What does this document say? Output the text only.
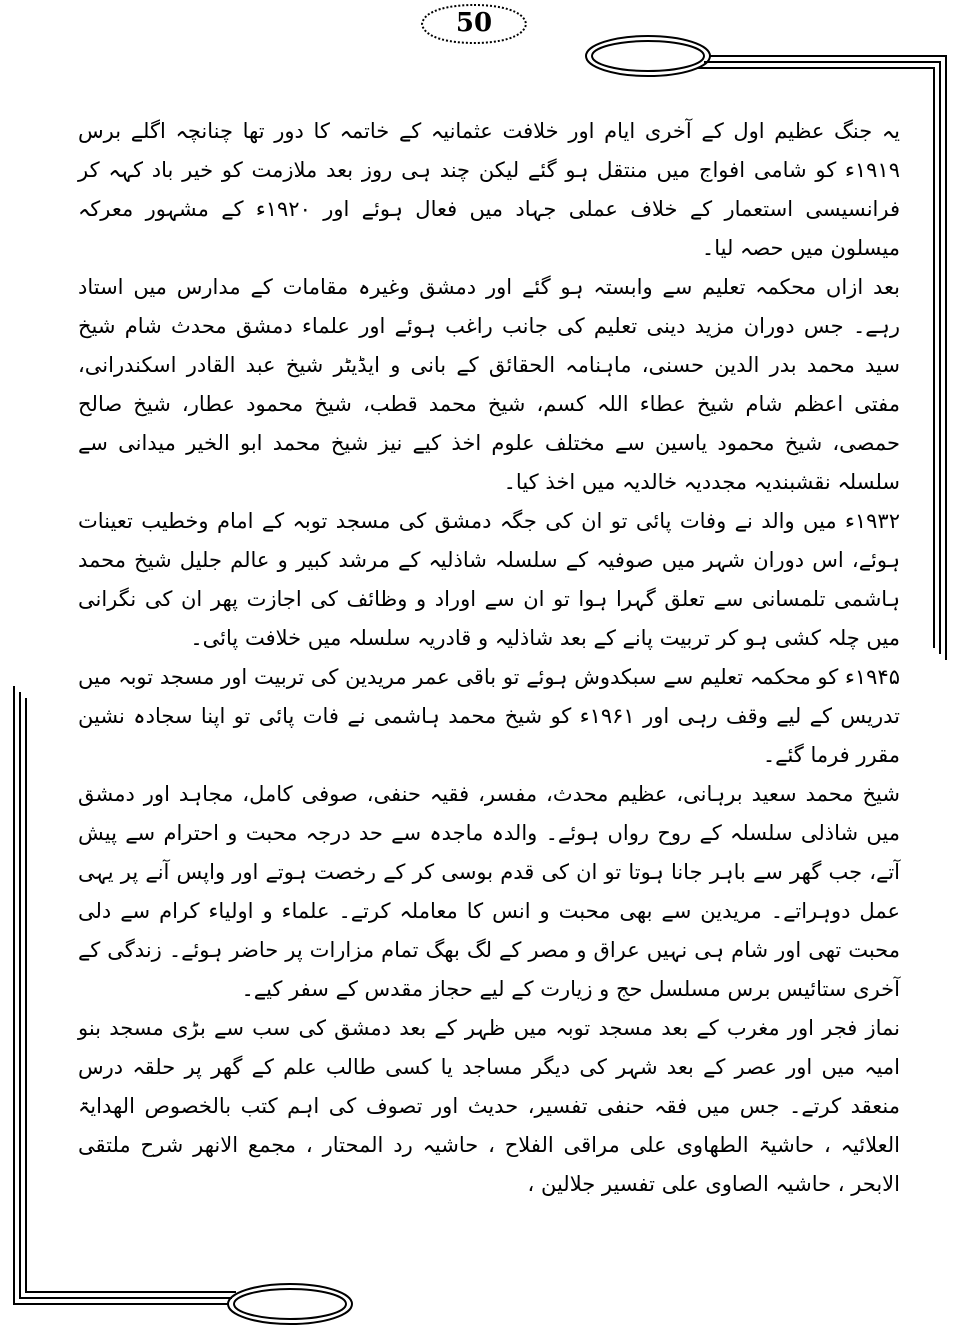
50

یہ جنگ عظیم اول کے آخری ایام اور خلافت عثمانیہ کے خاتمہ کا دور تھا چنانچہ اگلے برس ۱۹۱۹ء کو شامی افواج میں منتقل ہو گئے لیکن چند ہی روز بعد ملازمت کو خیر باد کہہ کر فرانسیسی استعمار کے خلاف عملی جہاد میں فعال ہوئے اور ۱۹۲۰ء کے مشہور معرکہ میسلون میں حصہ لیا۔

بعد ازاں محکمہ تعلیم سے وابستہ ہو گئے اور دمشق وغیرہ مقامات کے مدارس میں استاد رہے۔ جس دوران مزید دینی تعلیم کی جانب راغب ہوئے اور علماء دمشق محدث شام شیخ سید محمد بدر الدین حسنی، ماہنامہ الحقائق کے بانی و ایڈیٹر شیخ عبد القادر اسکندرانی، مفتی اعظم شام شیخ عطاء اللہ کسم، شیخ محمد قطب، شیخ محمود عطار، شیخ صالح حمصی، شیخ محمود یاسین سے مختلف علوم اخذ کیے نیز شیخ محمد ابو الخیر میدانی سے سلسلہ نقشبندیہ مجددیہ خالدیہ میں اخذ کیا۔

۱۹۳۲ء میں والد نے وفات پائی تو ان کی جگہ دمشق کی مسجد توبہ کے امام وخطیب تعینات ہوئے، اس دوران شہر میں صوفیہ کے سلسلہ شاذلیہ کے مرشد کبیر و عالم جلیل شیخ محمد ہاشمی تلمسانی سے تعلق گہرا ہوا تو ان سے اوراد و وظائف کی اجازت پھر ان کی نگرانی میں چلہ کشی ہو کر تربیت پانے کے بعد شاذلیہ و قادریہ سلسلہ میں خلافت پائی۔

۱۹۴۵ء کو محکمہ تعلیم سے سبکدوش ہوئے تو باقی عمر مریدین کی تربیت اور مسجد توبہ میں تدریس کے لیے وقف رہی اور ۱۹۶۱ء کو شیخ محمد ہاشمی نے فات پائی تو اپنا سجادہ نشین مقرر فرما گئے۔

شیخ محمد سعید برہانی، عظیم محدث، مفسر، فقیہ حنفی، صوفی کامل، مجاہد اور دمشق میں شاذلی سلسلہ کے روح رواں ہوئے۔ والدہ ماجدہ سے حد درجہ محبت و احترام سے پیش آتے، جب گھر سے باہر جانا ہوتا تو ان کی قدم بوسی کر کے رخصت ہوتے اور واپس آنے پر یہی عمل دوہراتے۔ مریدین سے بھی محبت و انس کا معاملہ کرتے۔ علماء و اولیاء کرام سے دلی محبت تھی اور شام ہی نہیں عراق و مصر کے لگ بھگ تمام مزارات پر حاضر ہوئے۔ زندگی کے آخری ستائیس برس مسلسل حج و زیارت کے لیے حجاز مقدس کے سفر کیے۔

نماز فجر اور مغرب کے بعد مسجد توبہ میں ظہر کے بعد دمشق کی سب سے بڑی مسجد بنو امیہ میں اور عصر کے بعد شہر کی دیگر مساجد یا کسی طالب علم کے گھر پر حلقہ درس منعقد کرتے۔ جس میں فقہ حنفی تفسیر، حدیث اور تصوف کی اہم کتب بالخصوص الھدایۃ العلائیہ ، حاشیۃ الطھاوی علی مراقی الفلاح ، حاشیہ رد المحتار ، مجمع الانهر شرح ملتقی الابحر ، حاشیہ الصاوی علی تفسیر جلالین ،
